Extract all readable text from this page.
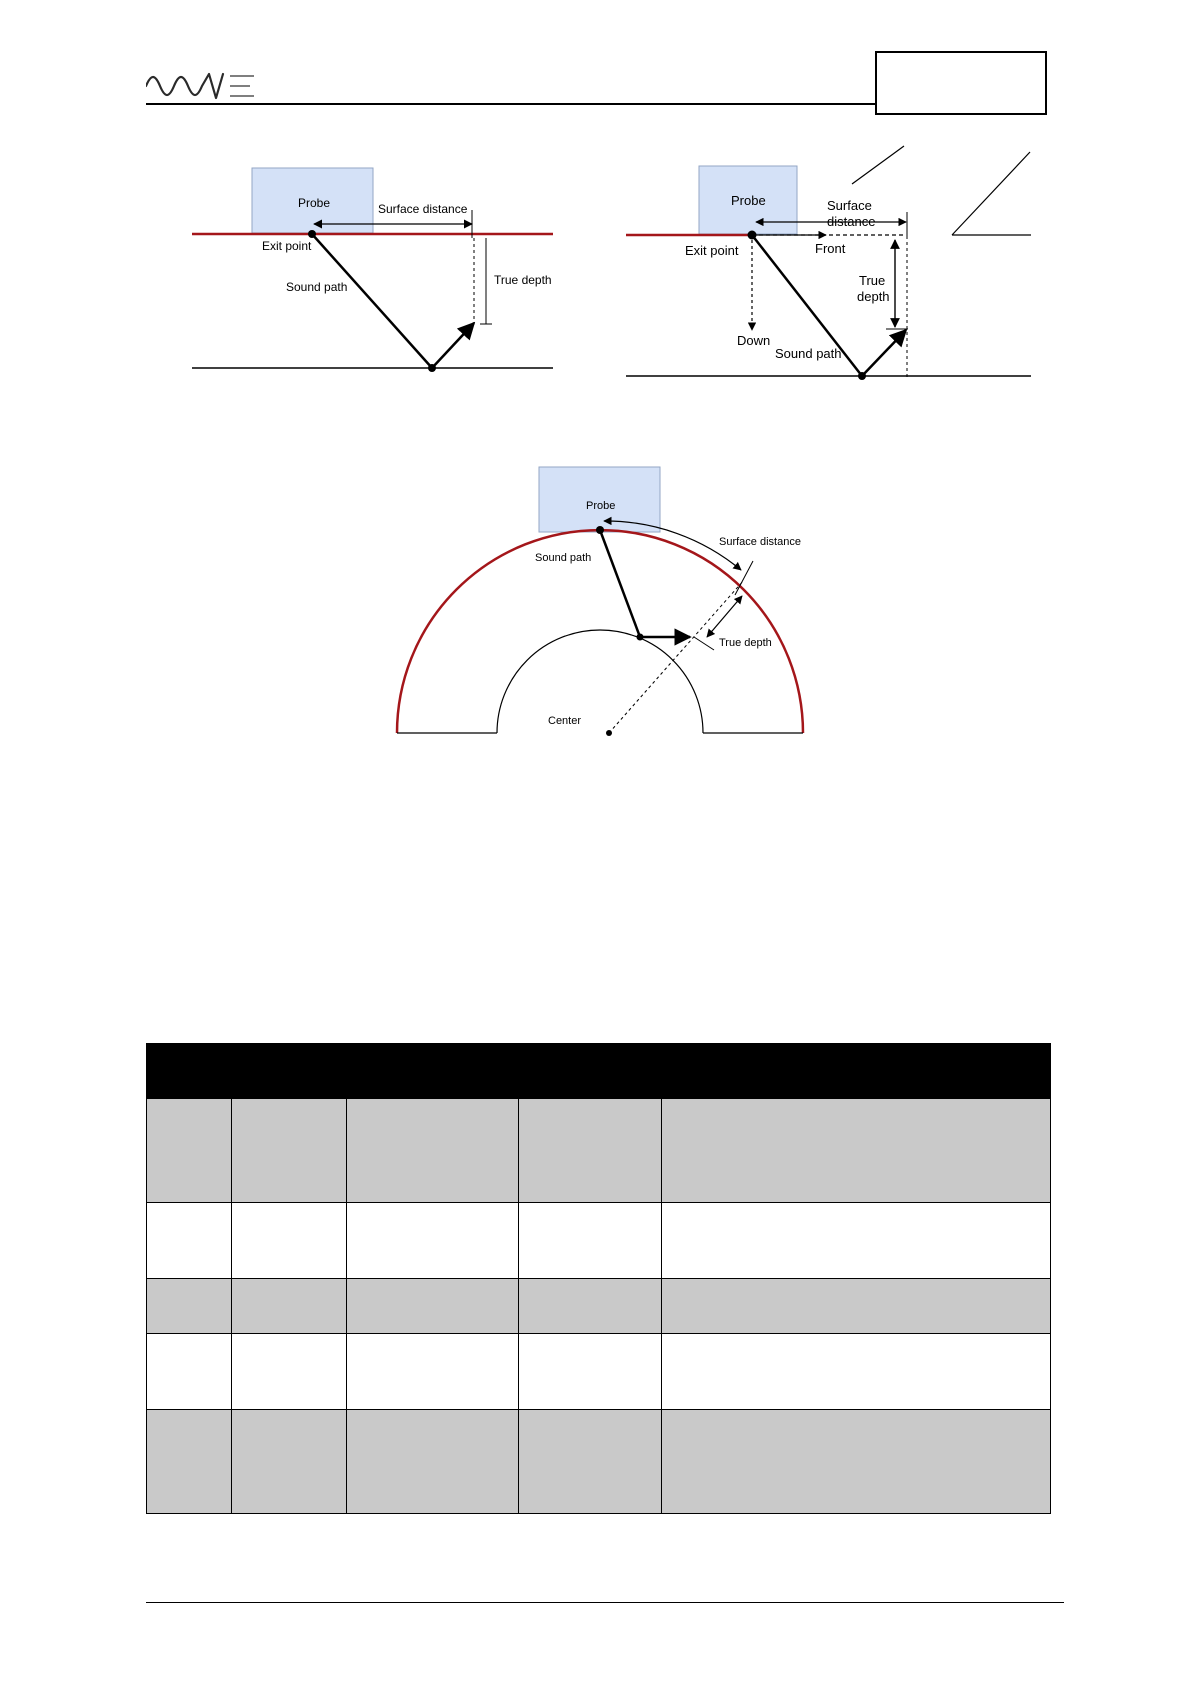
Probe	Surface distance
Exit point
Sound path	True depth
Probe	Surface
distance
Exit point	Front
True
depth
Down
Sound path
Probe
Surface distance
Sound path
True depth
Center
